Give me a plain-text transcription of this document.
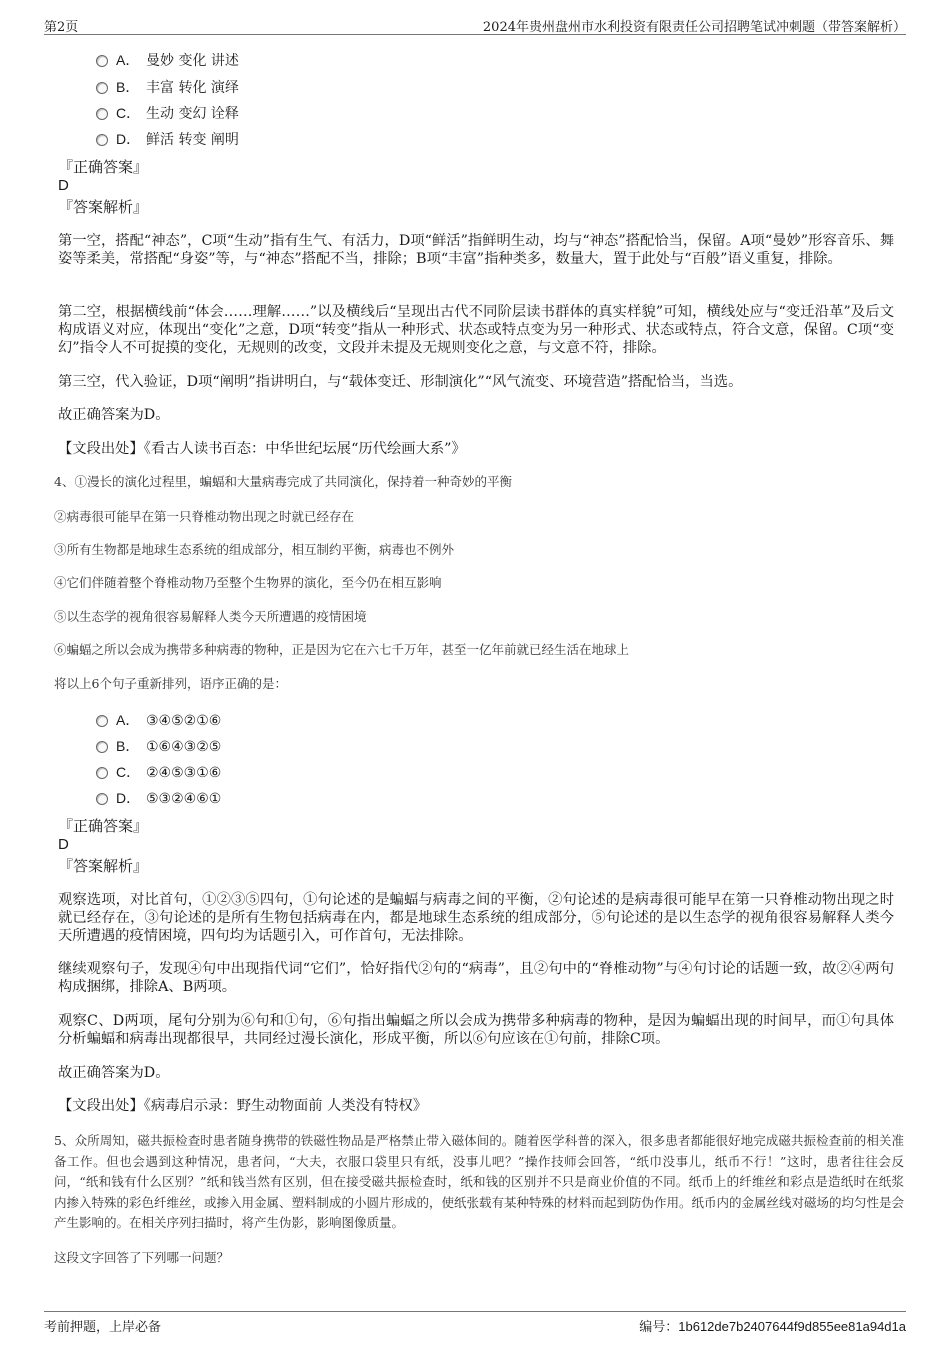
第2页	2024年贵州盘州市水利投资有限责任公司招聘笔试冲刺题（带答案解析）
A． 曼妙 变化 讲述
B． 丰富 转化 演绎
C． 生动 变幻 诠释
D． 鲜活 转变 阐明
『正确答案』
D
『答案解析』
第一空，搭配“神态”，C项“生动”指有生气、有活力，D项“鲜活”指鲜明生动，均与“神态”搭配恰当，保留。A项“曼妙”形容音乐、舞姿等柔美，常搭配“身姿”等，与“神态”搭配不当，排除；B项“丰富”指种类多，数量大，置于此处与“百般”语义重复，排除。
第二空，根据横线前“体会……理解……”以及横线后“呈现出古代不同阶层读书群体的真实样貌”可知，横线处应与“变迁沿革”及后文构成语义对应，体现出“变化”之意，D项“转变”指从一种形式、状态或特点变为另一种形式、状态或特点，符合文意，保留。C项“变幻”指令人不可捉摸的变化，无规则的改变，文段并未提及无规则变化之意，与文意不符，排除。
第三空，代入验证，D项“阐明”指讲明白，与“载体变迁、形制演化”“风气流变、环境营造”搭配恰当，当选。
故正确答案为D。
【文段出处】《看古人读书百态：中华世纪坛展“历代绘画大系”》
4、①漫长的演化过程里，蝙蝠和大量病毒完成了共同演化，保持着一种奇妙的平衡
②病毒很可能早在第一只脊椎动物出现之时就已经存在
③所有生物都是地球生态系统的组成部分，相互制约平衡，病毒也不例外
④它们伴随着整个脊椎动物乃至整个生物界的演化，至今仍在相互影响
⑤以生态学的视角很容易解释人类今天所遭遇的疫情困境
⑥蝙蝠之所以会成为携带多种病毒的物种，正是因为它在六七千万年，甚至一亿年前就已经生活在地球上
将以上6个句子重新排列，语序正确的是：
A． ③④⑤②①⑥
B． ①⑥④③②⑤
C． ②④⑤③①⑥
D． ⑤③②④⑥①
『正确答案』
D
『答案解析』
观察选项，对比首句，①②③⑤四句，①句论述的是蝙蝠与病毒之间的平衡，②句论述的是病毒很可能早在第一只脊椎动物出现之时就已经存在，③句论述的是所有生物包括病毒在内，都是地球生态系统的组成部分，⑤句论述的是以生态学的视角很容易解释人类今天所遭遇的疫情困境，四句均为话题引入，可作首句，无法排除。
继续观察句子，发现④句中出现指代词“它们”，恰好指代②句的“病毒”，且②句中的“脊椎动物”与④句讨论的话题一致，故②④两句构成捆绑，排除A、B两项。
观察C、D两项，尾句分别为⑥句和①句，⑥句指出蝙蝠之所以会成为携带多种病毒的物种，是因为蝙蝠出现的时间早，而①句具体分析蝙蝠和病毒出现都很早，共同经过漫长演化，形成平衡，所以⑥句应该在①句前，排除C项。
故正确答案为D。
【文段出处】《病毒启示录：野生动物面前 人类没有特权》
5、众所周知，磁共振检查时患者随身携带的铁磁性物品是严格禁止带入磁体间的。随着医学科普的深入，很多患者都能很好地完成磁共振检查前的相关准备工作。但也会遇到这种情况，患者问，“大夫，衣服口袋里只有纸，没事儿吧？”操作技师会回答，“纸巾没事儿，纸币不行！”这时，患者往往会反问，“纸和钱有什么区别？”纸和钱当然有区别，但在接受磁共振检查时，纸和钱的区别并不只是商业价值的不同。纸币上的纤维丝和彩点是造纸时在纸浆内掺入特殊的彩色纤维丝，或掺入用金属、塑料制成的小圆片形成的，使纸张载有某种特殊的材料而起到防伪作用。纸币内的金属丝线对磁场的均匀性是会产生影响的。在相关序列扫描时，将产生伪影，影响图像质量。
这段文字回答了下列哪一问题？
考前押题，上岸必备	编号：1b612de7b2407644f9d855ee81a94d1a
